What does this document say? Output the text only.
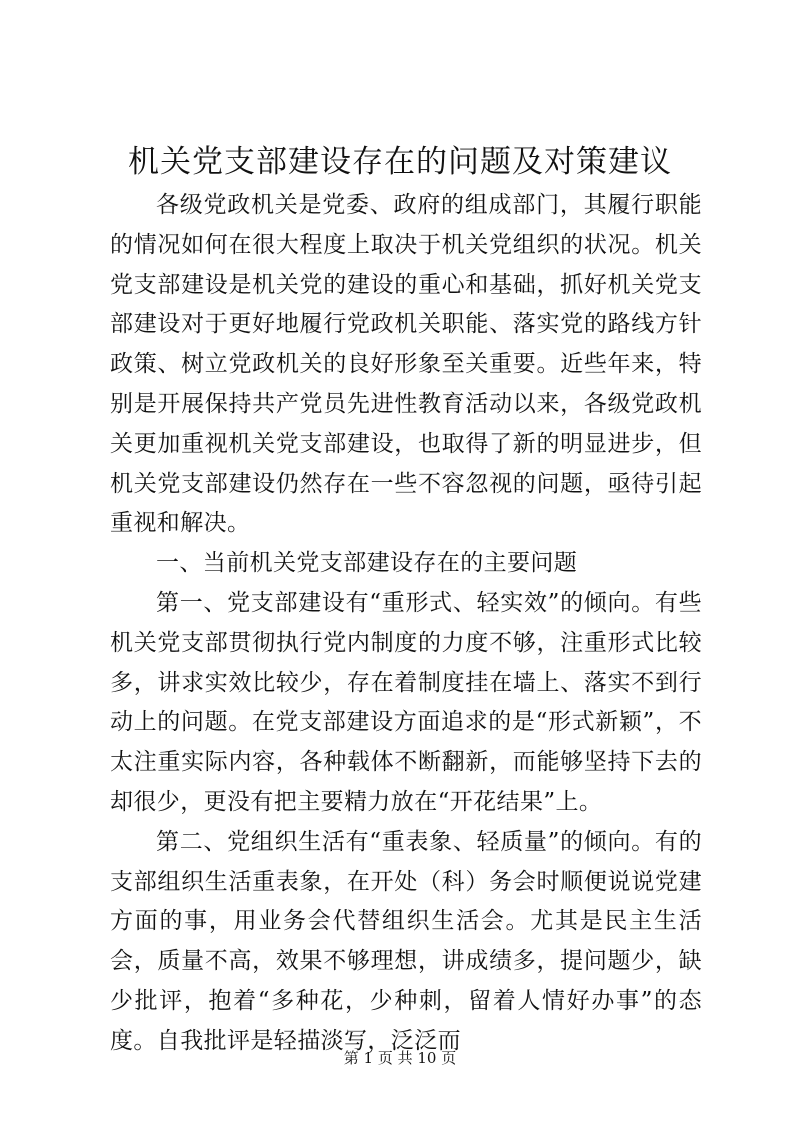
机关党支部建设存在的问题及对策建议

各级党政机关是党委、政府的组成部门，其履行职能的情况如何在很大程度上取决于机关党组织的状况。机关党支部建设是机关党的建设的重心和基础，抓好机关党支部建设对于更好地履行党政机关职能、落实党的路线方针政策、树立党政机关的良好形象至关重要。近些年来，特别是开展保持共产党员先进性教育活动以来，各级党政机关更加重视机关党支部建设，也取得了新的明显进步，但机关党支部建设仍然存在一些不容忽视的问题，亟待引起重视和解决。

一、当前机关党支部建设存在的主要问题

第一、党支部建设有“重形式、轻实效”的倾向。有些机关党支部贯彻执行党内制度的力度不够，注重形式比较多，讲求实效比较少，存在着制度挂在墙上、落实不到行动上的问题。在党支部建设方面追求的是“形式新颖”，不太注重实际内容，各种载体不断翻新，而能够坚持下去的却很少，更没有把主要精力放在“开花结果”上。

第二、党组织生活有“重表象、轻质量”的倾向。有的支部组织生活重表象，在开处（科）务会时顺便说说党建方面的事，用业务会代替组织生活会。尤其是民主生活会，质量不高，效果不够理想，讲成绩多，提问题少，缺少批评，抱着“多种花，少种刺，留着人情好办事”的态度。自我批评是轻描淡写，泛泛而

第 1 页 共 10 页
